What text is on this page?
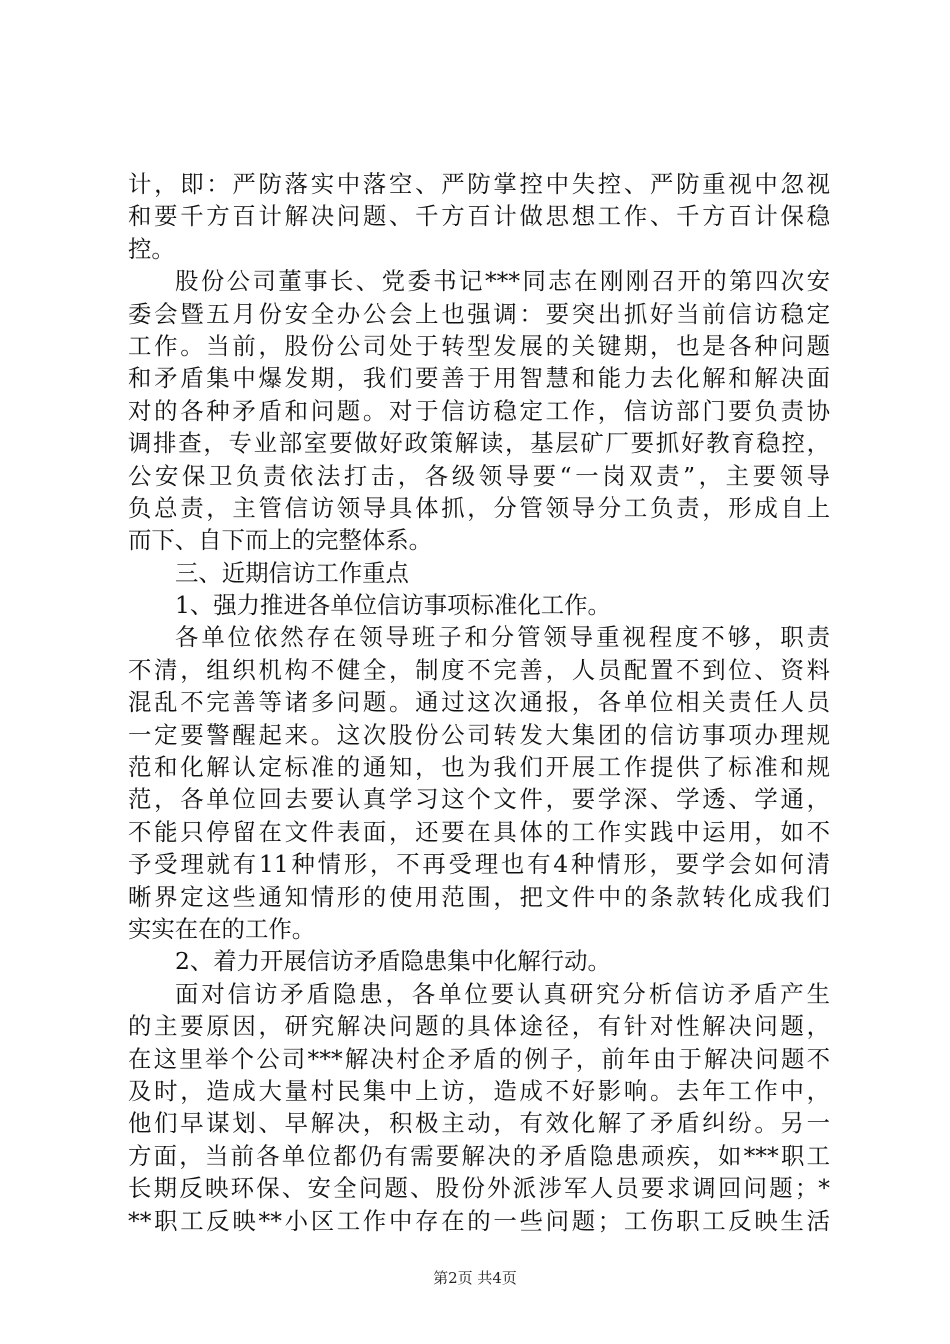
计，即：严防落实中落空、严防掌控中失控、严防重视中忽视
和要千方百计解决问题、千方百计做思想工作、千方百计保稳
控。
股份公司董事长、党委书记***同志在刚刚召开的第四次安
委会暨五月份安全办公会上也强调：要突出抓好当前信访稳定
工作。当前，股份公司处于转型发展的关键期，也是各种问题
和矛盾集中爆发期，我们要善于用智慧和能力去化解和解决面
对的各种矛盾和问题。对于信访稳定工作，信访部门要负责协
调排查，专业部室要做好政策解读，基层矿厂要抓好教育稳控，
公安保卫负责依法打击，各级领导要“一岗双责”，主要领导
负总责，主管信访领导具体抓，分管领导分工负责，形成自上
而下、自下而上的完整体系。
三、近期信访工作重点
1、强力推进各单位信访事项标准化工作。
各单位依然存在领导班子和分管领导重视程度不够，职责
不清，组织机构不健全，制度不完善，人员配置不到位、资料
混乱不完善等诸多问题。通过这次通报，各单位相关责任人员
一定要警醒起来。这次股份公司转发大集团的信访事项办理规
范和化解认定标准的通知，也为我们开展工作提供了标准和规
范，各单位回去要认真学习这个文件，要学深、学透、学通，
不能只停留在文件表面，还要在具体的工作实践中运用，如不
予受理就有11种情形，不再受理也有4种情形，要学会如何清
晰界定这些通知情形的使用范围，把文件中的条款转化成我们
实实在在的工作。
2、着力开展信访矛盾隐患集中化解行动。
面对信访矛盾隐患，各单位要认真研究分析信访矛盾产生
的主要原因，研究解决问题的具体途径，有针对性解决问题，
在这里举个公司***解决村企矛盾的例子，前年由于解决问题不
及时，造成大量村民集中上访，造成不好影响。去年工作中，
他们早谋划、早解决，积极主动，有效化解了矛盾纠纷。另一
方面，当前各单位都仍有需要解决的矛盾隐患顽疾，如***职工
长期反映环保、安全问题、股份外派涉军人员要求调回问题；*
**职工反映**小区工作中存在的一些问题；工伤职工反映生活
第2页 共4页
